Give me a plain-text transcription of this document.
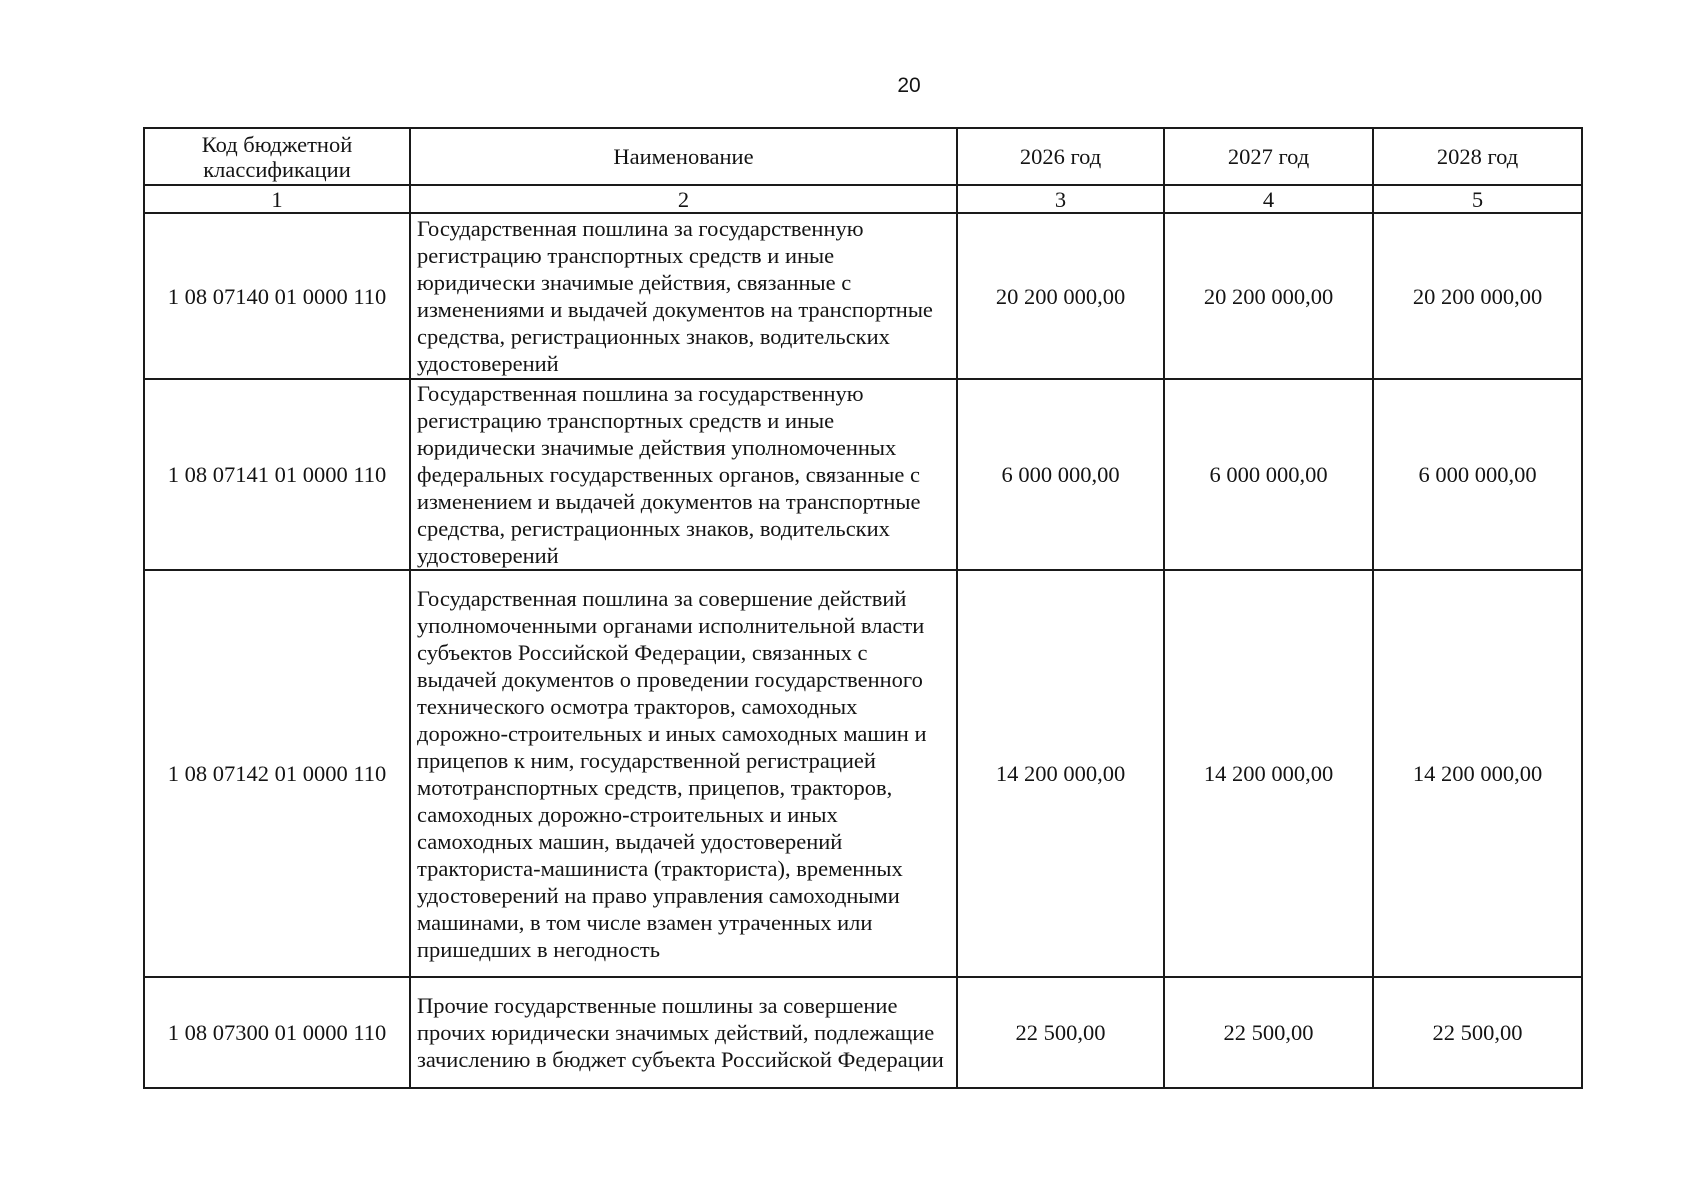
20
Код бюджетной классификации	Наименование	2026 год	2027 год	2028 год
1	2	3	4	5
1 08 07140 01 0000 110	Государственная пошлина за государственную регистрацию транспортных средств и иные юридически значимые действия, связанные с изменениями и выдачей документов на транспортные средства, регистрационных знаков, водительских удостоверений	20 200 000,00	20 200 000,00	20 200 000,00
1 08 07141 01 0000 110	Государственная пошлина за государственную регистрацию транспортных средств и иные юридически значимые действия уполномоченных федеральных государственных органов, связанные с изменением и выдачей документов на транспортные средства, регистрационных знаков, водительских удостоверений	6 000 000,00	6 000 000,00	6 000 000,00
1 08 07142 01 0000 110	Государственная пошлина за совершение действий уполномоченными органами исполнительной власти субъектов Российской Федерации, связанных с выдачей документов о проведении государственного технического осмотра тракторов, самоходных дорожно-строительных и иных самоходных машин и прицепов к ним, государственной регистрацией мототранспортных средств, прицепов, тракторов, самоходных дорожно-строительных и иных самоходных машин, выдачей удостоверений тракториста-машиниста (тракториста), временных удостоверений на право управления самоходными машинами, в том числе взамен утраченных или пришедших в негодность	14 200 000,00	14 200 000,00	14 200 000,00
1 08 07300 01 0000 110	Прочие государственные пошлины за совершение прочих юридически значимых действий, подлежащие зачислению в бюджет субъекта Российской Федерации	22 500,00	22 500,00	22 500,00
